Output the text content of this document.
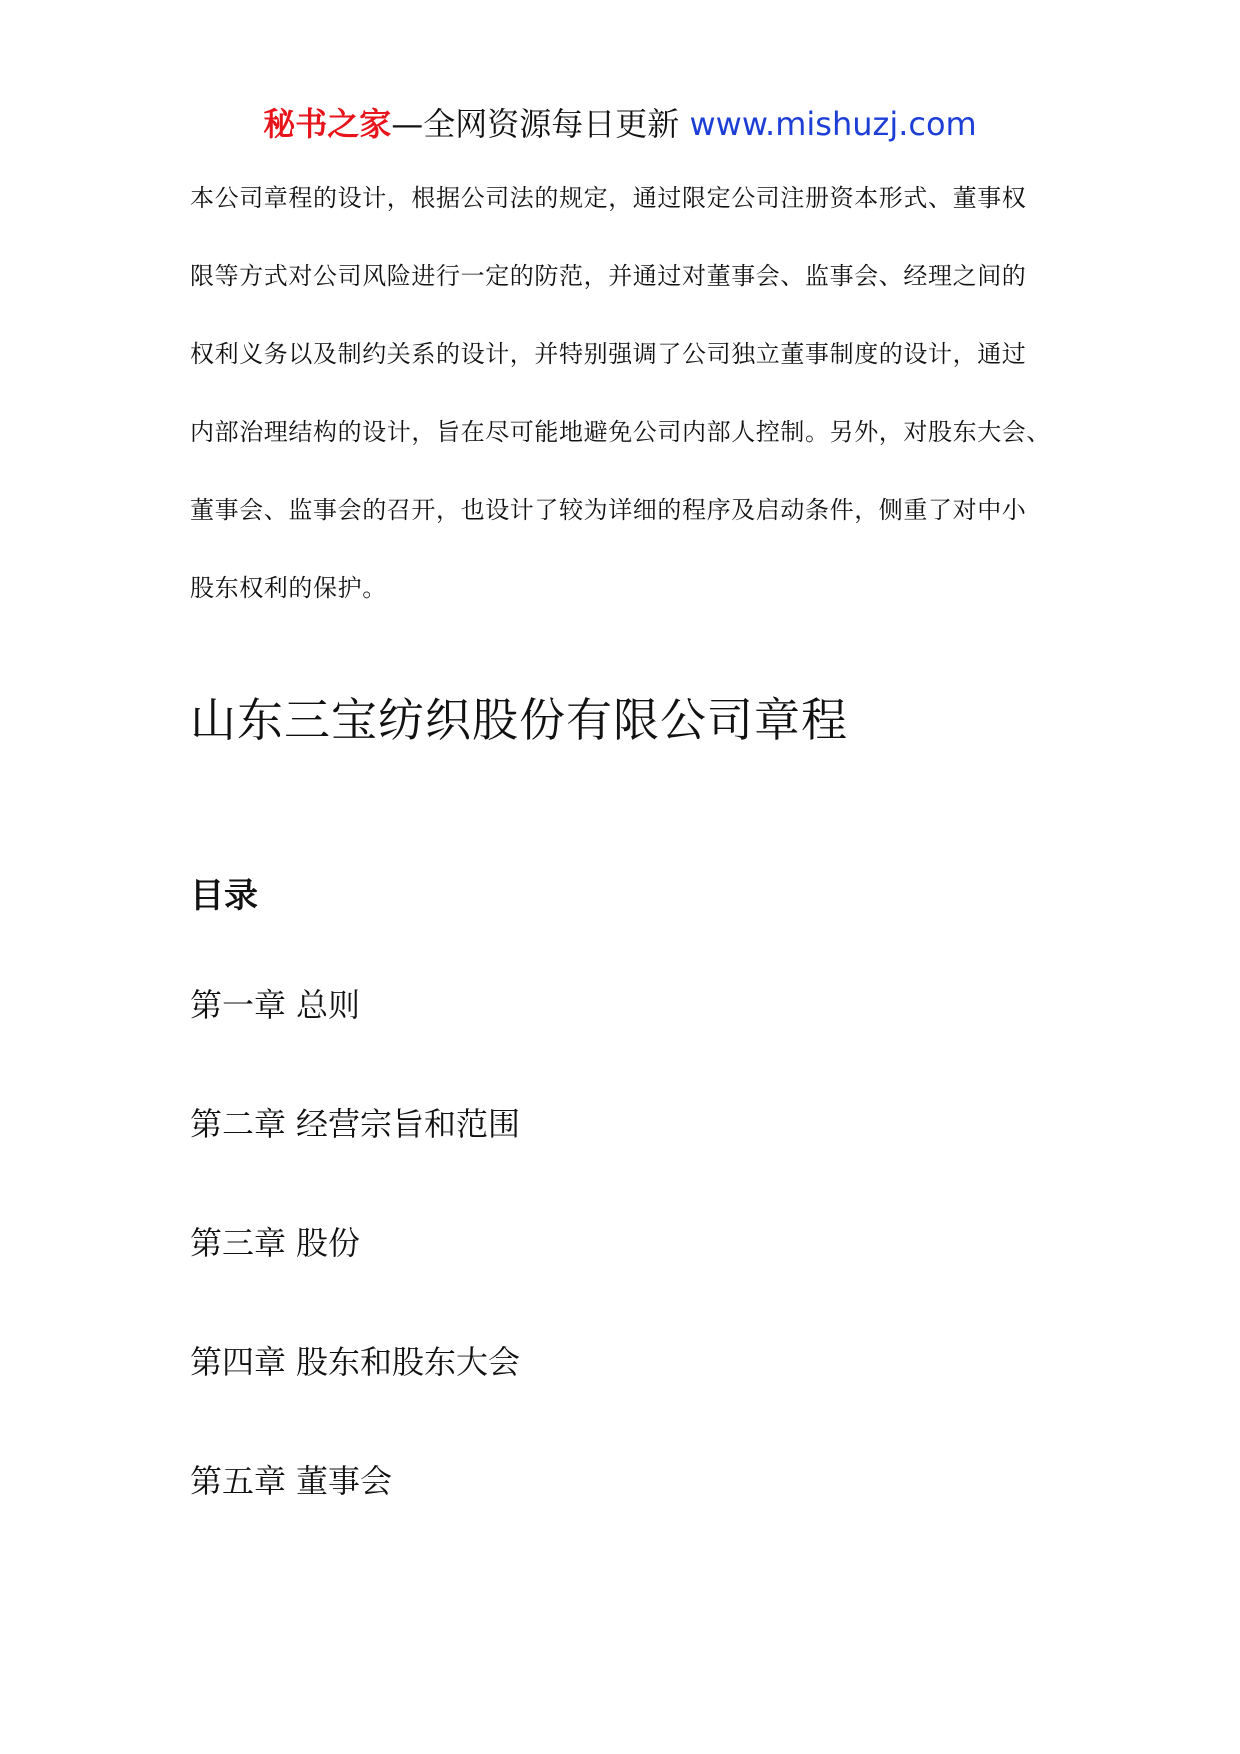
秘书之家—全网资源每日更新 www.mishuzj.com
本公司章程的设计，根据公司法的规定，通过限定公司注册资本形式、董事权
限等方式对公司风险进行一定的防范，并通过对董事会、监事会、经理之间的
权利义务以及制约关系的设计，并特别强调了公司独立董事制度的设计，通过
内部治理结构的设计，旨在尽可能地避免公司内部人控制。另外，对股东大会、
董事会、监事会的召开，也设计了较为详细的程序及启动条件，侧重了对中小
股东权利的保护。
山东三宝纺织股份有限公司章程
目录
第一章 总则
第二章 经营宗旨和范围
第三章 股份
第四章 股东和股东大会
第五章 董事会
